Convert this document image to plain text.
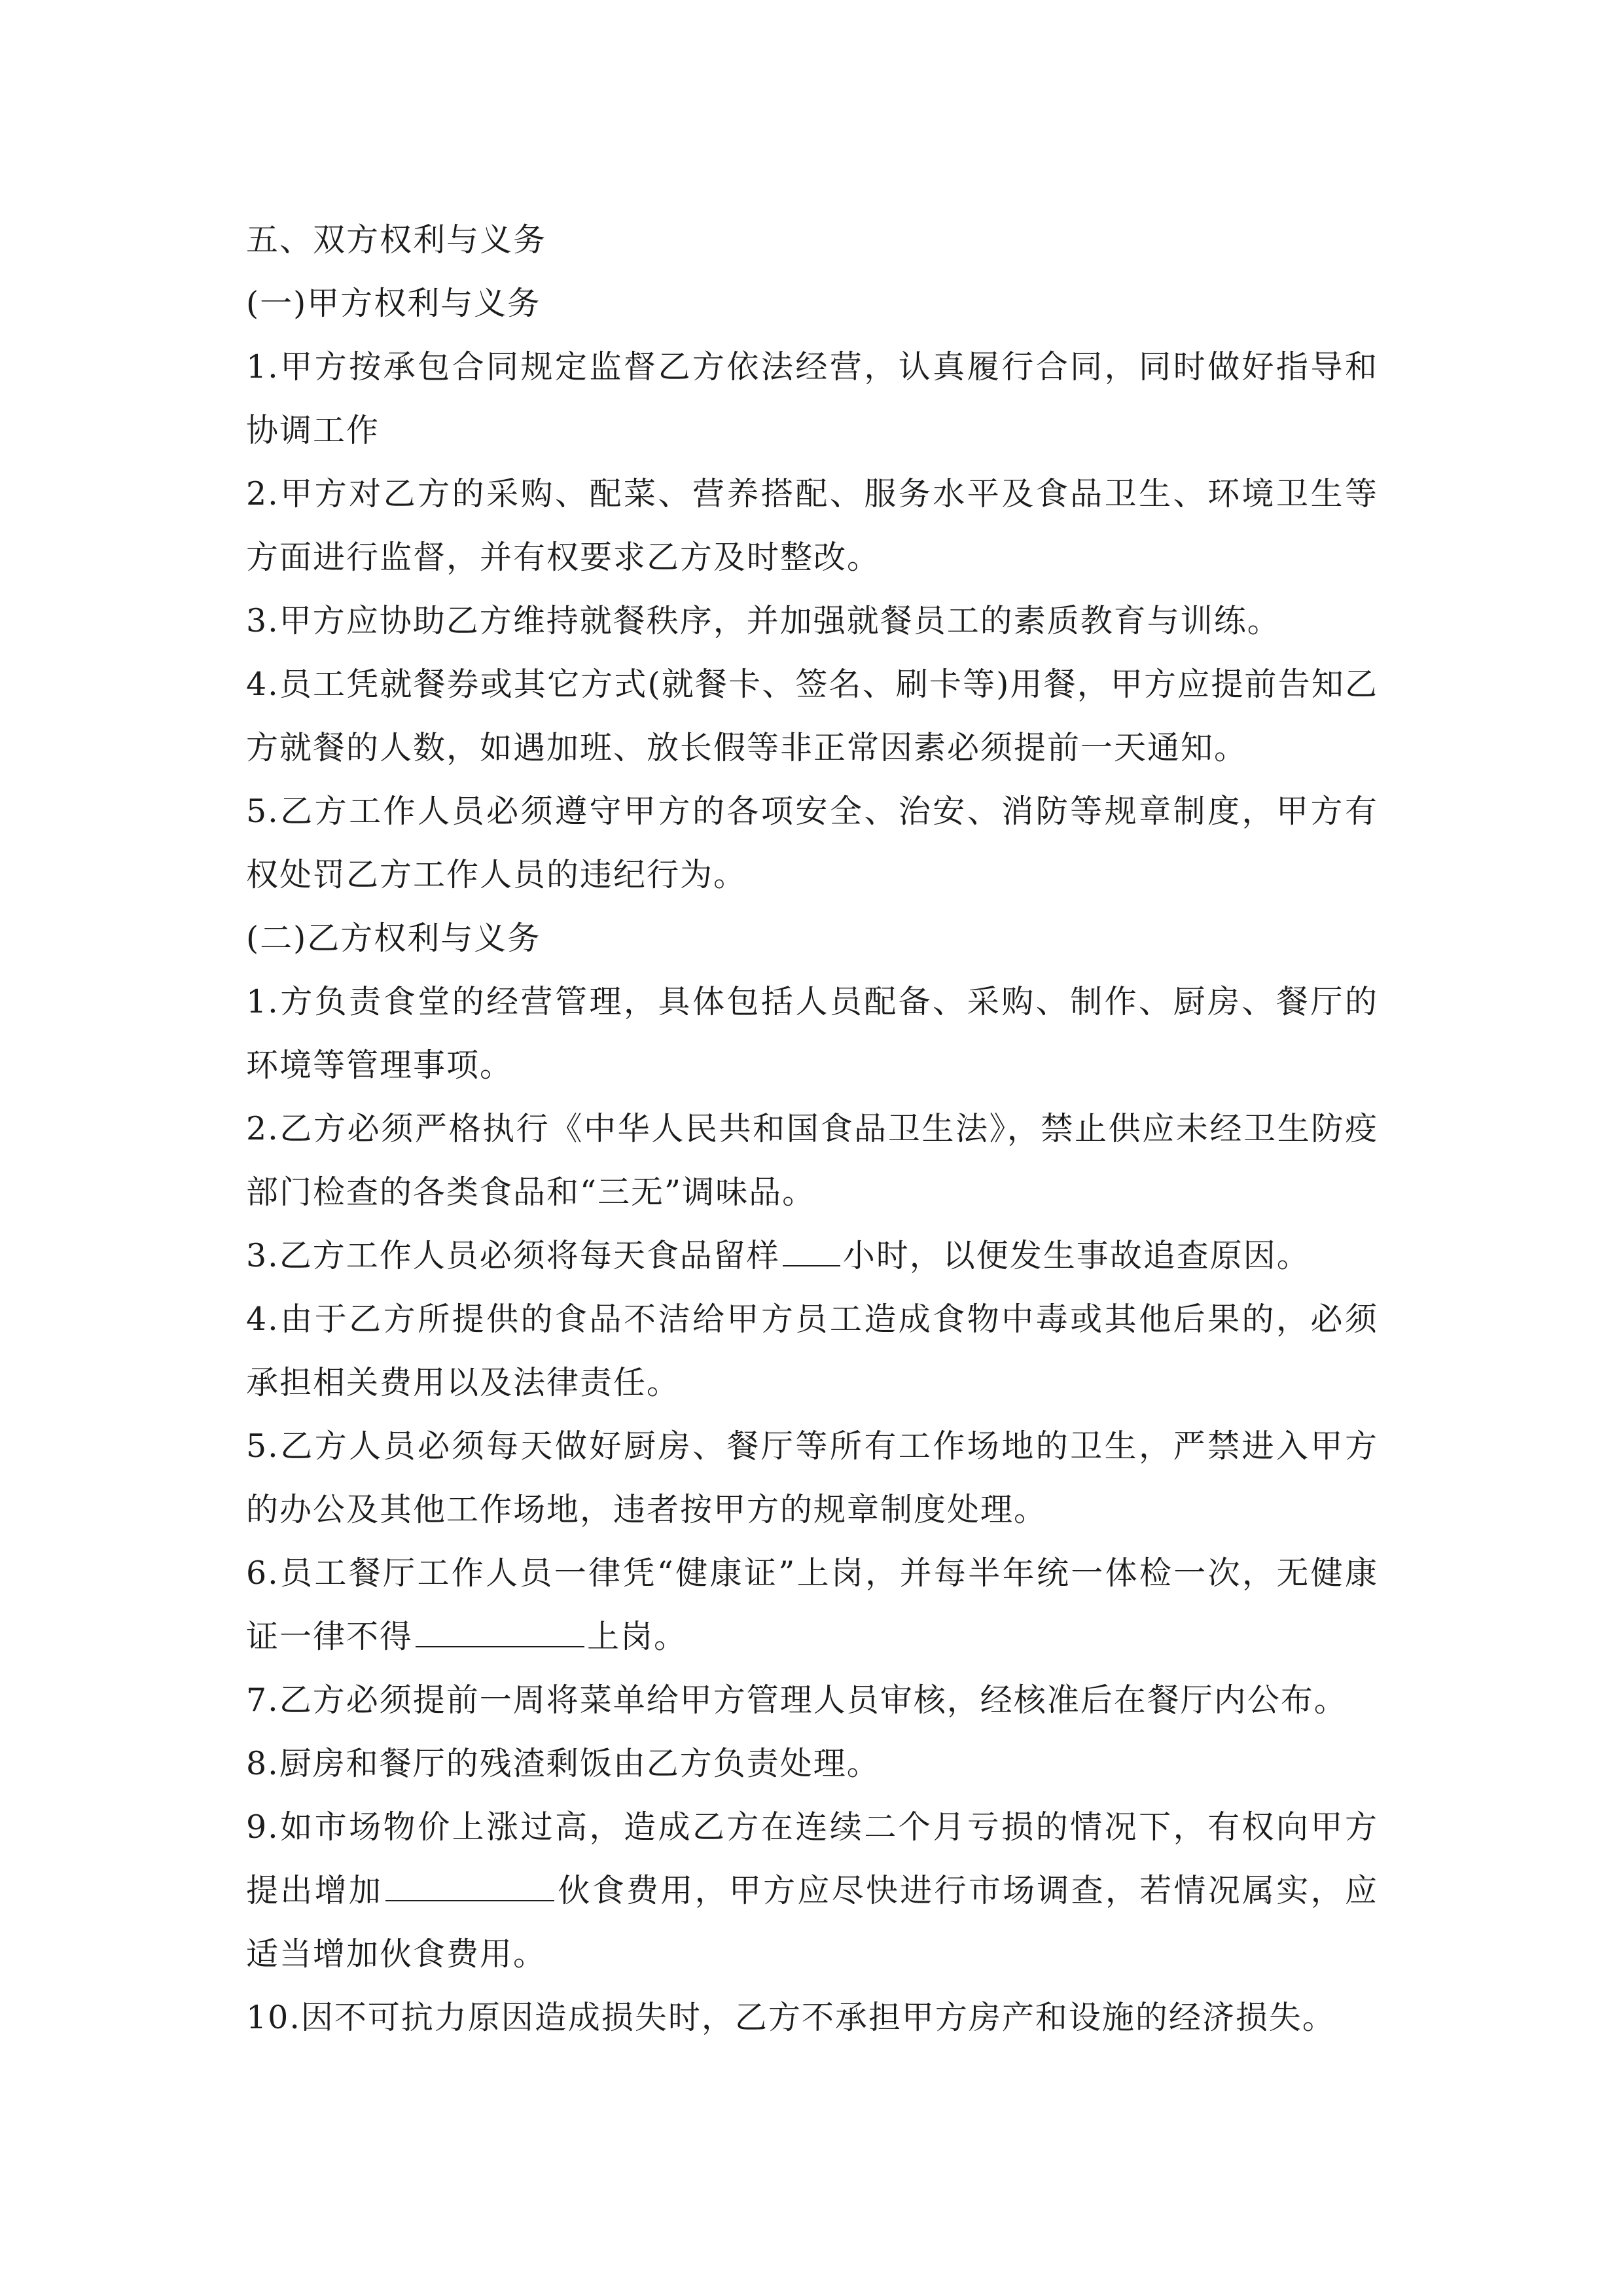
五、双方权利与义务

(一)甲方权利与义务

1.甲方按承包合同规定监督乙方依法经营，认真履行合同，同时做好指导和协调工作

2.甲方对乙方的采购、配菜、营养搭配、服务水平及食品卫生、环境卫生等方面进行监督，并有权要求乙方及时整改。

3.甲方应协助乙方维持就餐秩序，并加强就餐员工的素质教育与训练。

4.员工凭就餐券或其它方式(就餐卡、签名、刷卡等)用餐，甲方应提前告知乙方就餐的人数，如遇加班、放长假等非正常因素必须提前一天通知。

5.乙方工作人员必须遵守甲方的各项安全、治安、消防等规章制度，甲方有权处罚乙方工作人员的违纪行为。

(二)乙方权利与义务

1.方负责食堂的经营管理，具体包括人员配备、采购、制作、厨房、餐厅的环境等管理事项。

2.乙方必须严格执行《中华人民共和国食品卫生法》，禁止供应未经卫生防疫部门检查的各类食品和“三无”调味品。

3.乙方工作人员必须将每天食品留样 小时，以便发生事故追查原因。

4.由于乙方所提供的食品不洁给甲方员工造成食物中毒或其他后果的，必须承担相关费用以及法律责任。

5.乙方人员必须每天做好厨房、餐厅等所有工作场地的卫生，严禁进入甲方的办公及其他工作场地，违者按甲方的规章制度处理。

6.员工餐厅工作人员一律凭“健康证”上岗，并每半年统一体检一次，无健康证一律不得	上岗。

7.乙方必须提前一周将菜单给甲方管理人员审核，经核准后在餐厅内公布。

8.厨房和餐厅的残渣剩饭由乙方负责处理。

9.如市场物价上涨过高，造成乙方在连续二个月亏损的情况下，有权向甲方提出增加	伙食费用，甲方应尽快进行市场调查，若情况属实，应适当增加伙食费用。

10.因不可抗力原因造成损失时，乙方不承担甲方房产和设施的经济损失。
